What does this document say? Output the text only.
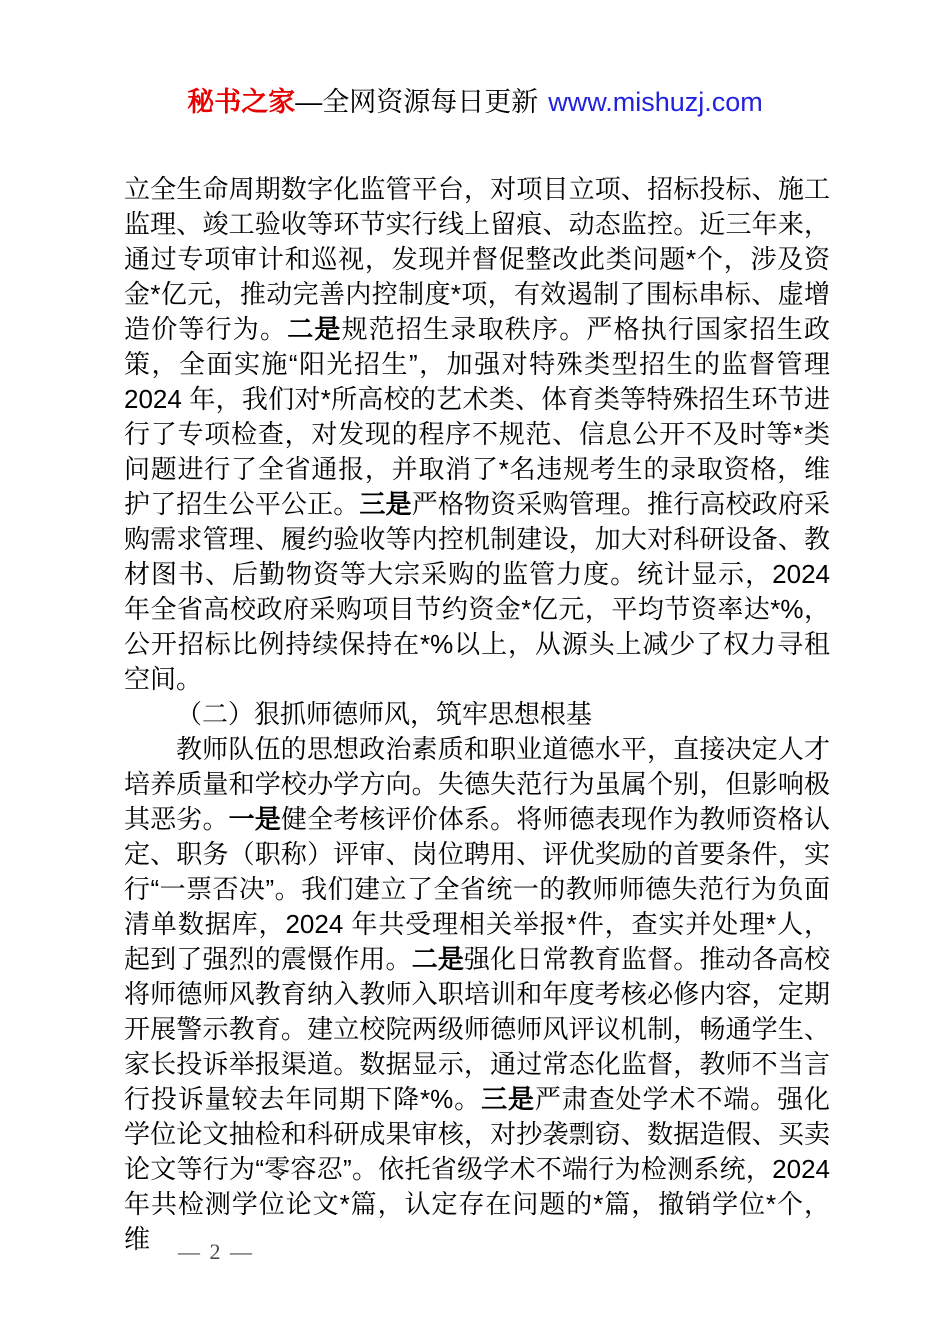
秘书之家—全网资源每日更新 www.mishuzj.com

立全生命周期数字化监管平台，对项目立项、招标投标、施工监理、竣工验收等环节实行线上留痕、动态监控。近三年来，通过专项审计和巡视，发现并督促整改此类问题*个，涉及资金*亿元，推动完善内控制度*项，有效遏制了围标串标、虚增造价等行为。二是规范招生录取秩序。严格执行国家招生政策，全面实施“阳光招生”，加强对特殊类型招生的监督管理2024 年，我们对*所高校的艺术类、体育类等特殊招生环节进行了专项检查，对发现的程序不规范、信息公开不及时等*类问题进行了全省通报，并取消了*名违规考生的录取资格，维护了招生公平公正。三是严格物资采购管理。推行高校政府采购需求管理、履约验收等内控机制建设，加大对科研设备、教材图书、后勤物资等大宗采购的监管力度。统计显示，2024 年全省高校政府采购项目节约资金*亿元，平均节资率达*%，公开招标比例持续保持在*%以上，从源头上减少了权力寻租空间。

（二）狠抓师德师风，筑牢思想根基

教师队伍的思想政治素质和职业道德水平，直接决定人才培养质量和学校办学方向。失德失范行为虽属个别，但影响极其恶劣。一是健全考核评价体系。将师德表现作为教师资格认定、职务（职称）评审、岗位聘用、评优奖励的首要条件，实行“一票否决”。我们建立了全省统一的教师师德失范行为负面清单数据库，2024 年共受理相关举报*件，查实并处理*人，起到了强烈的震慑作用。二是强化日常教育监督。推动各高校将师德师风教育纳入教师入职培训和年度考核必修内容，定期开展警示教育。建立校院两级师德师风评议机制，畅通学生、家长投诉举报渠道。数据显示，通过常态化监督，教师不当言行投诉量较去年同期下降*%。三是严肃查处学术不端。强化学位论文抽检和科研成果审核，对抄袭剽窃、数据造假、买卖论文等行为“零容忍”。依托省级学术不端行为检测系统，2024 年共检测学位论文*篇，认定存在问题的*篇，撤销学位*个，维	— 2 —
